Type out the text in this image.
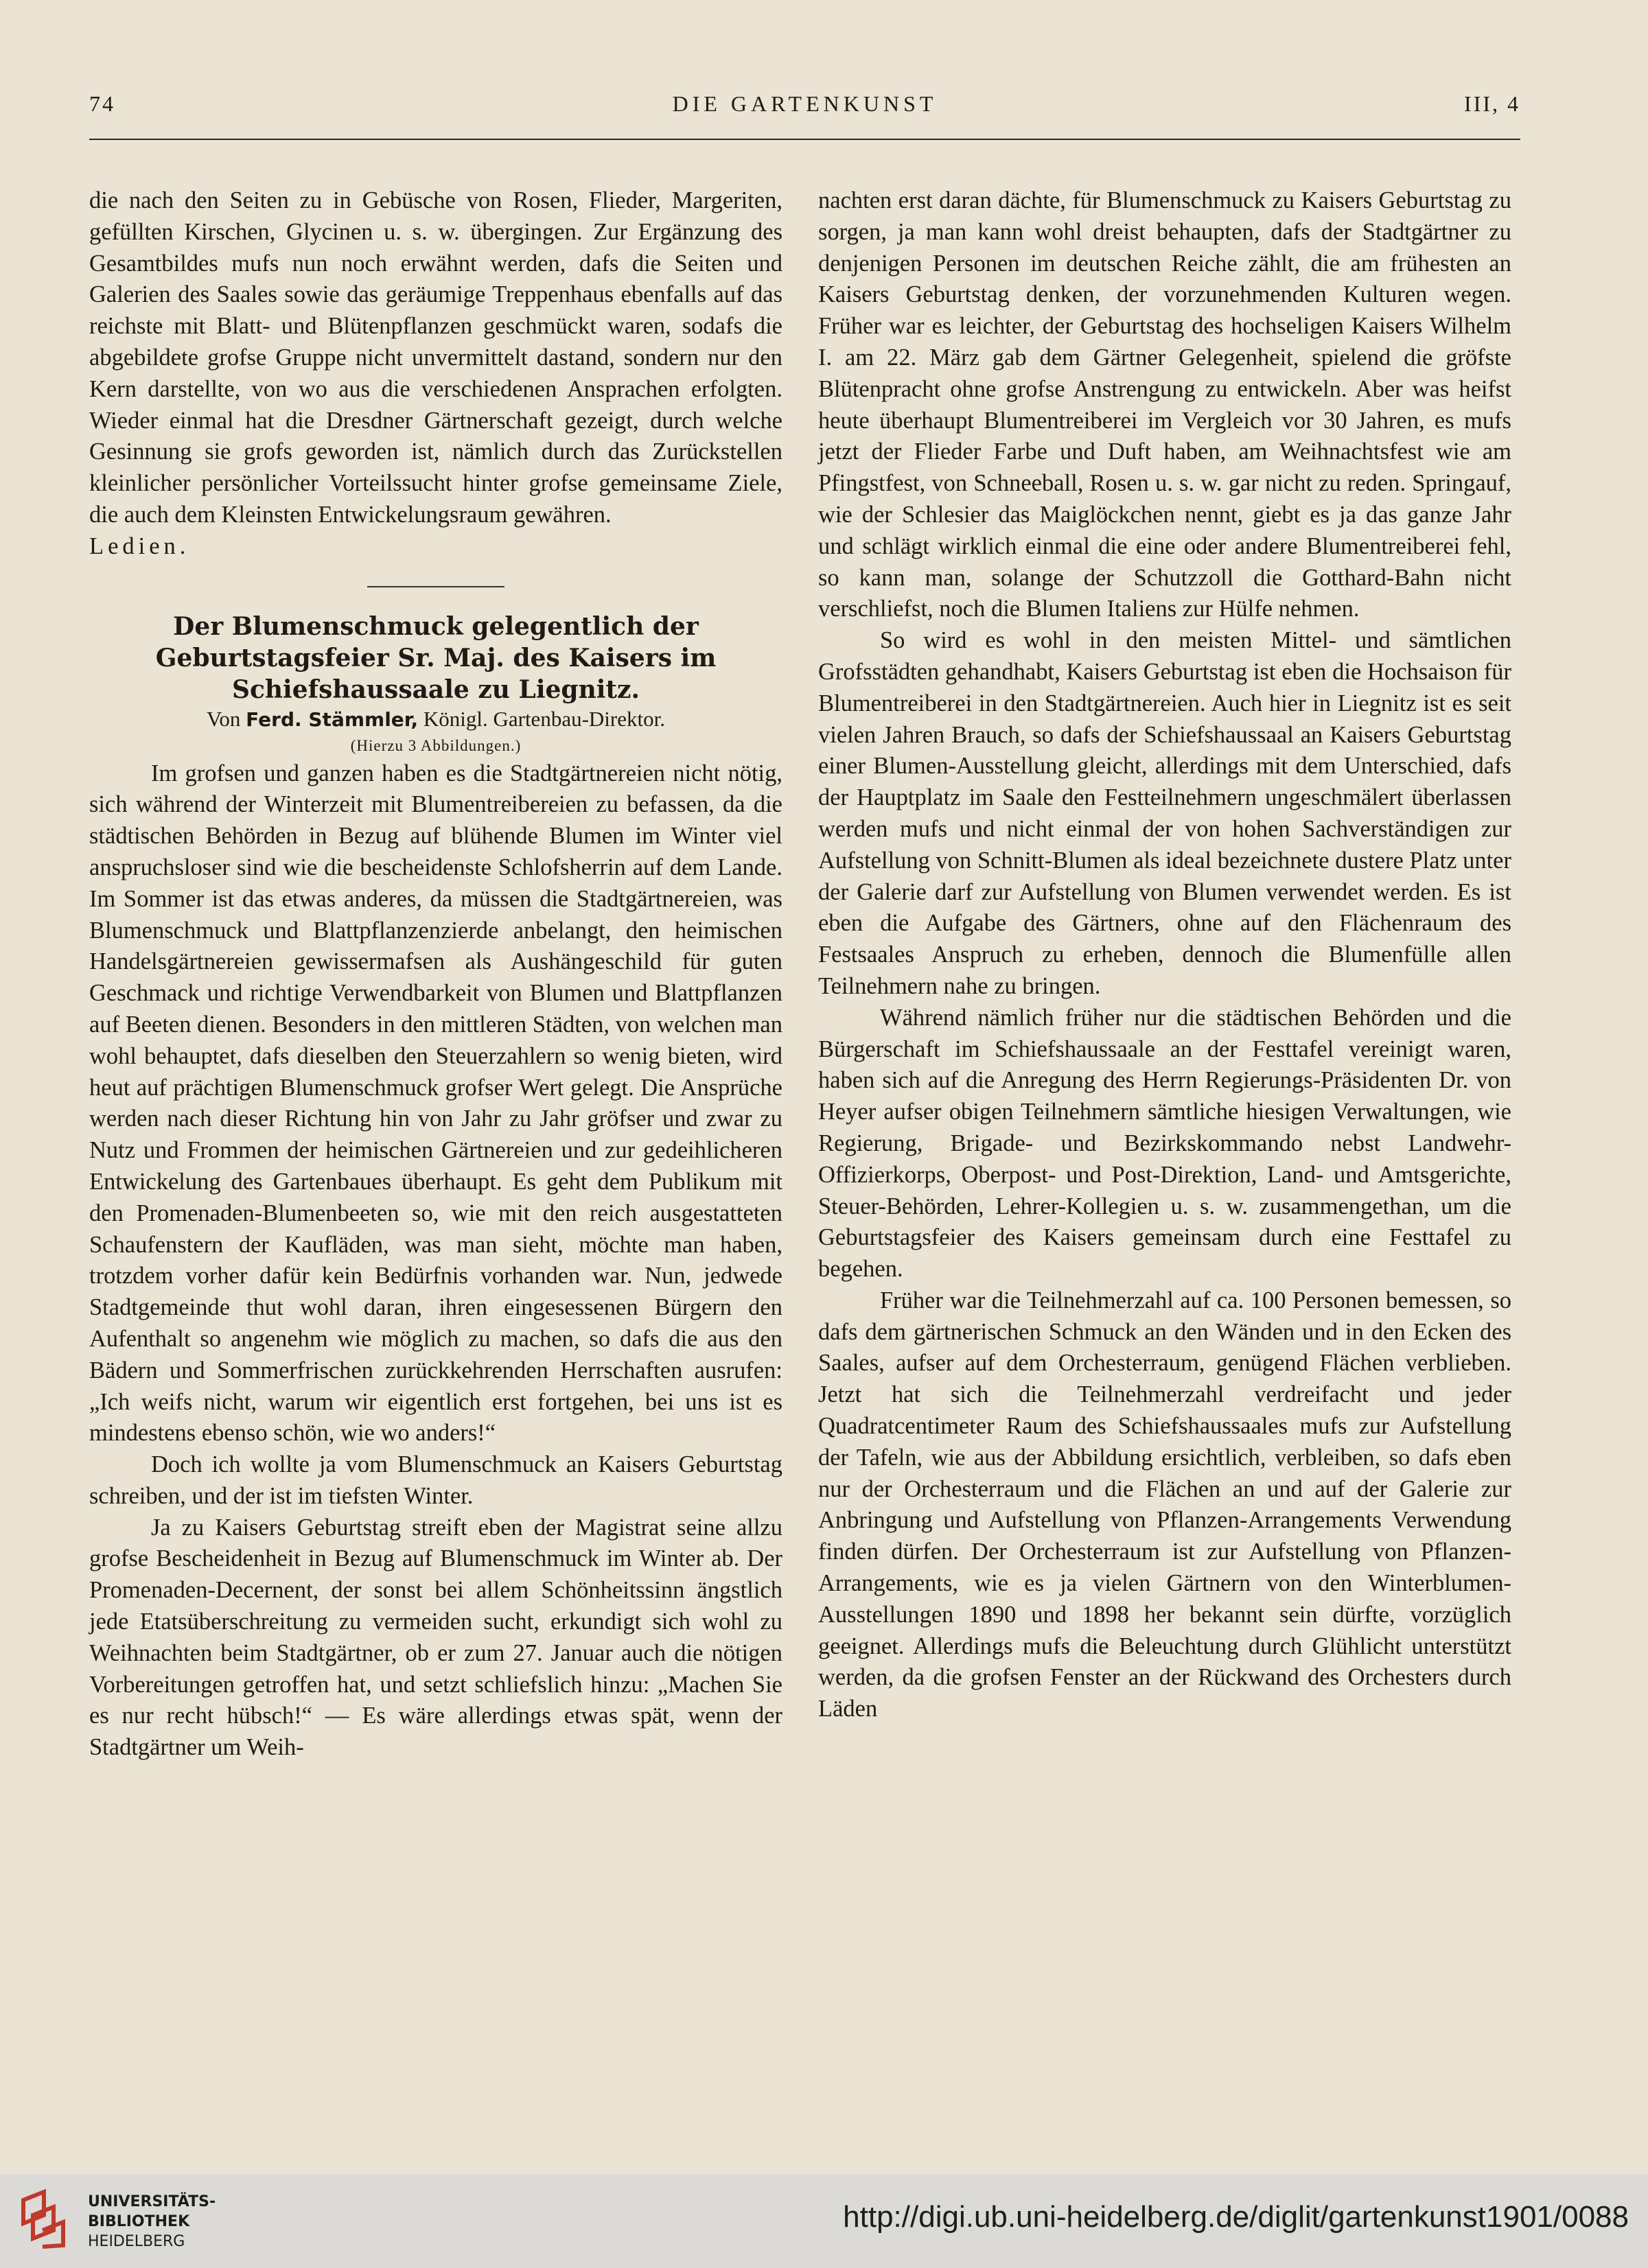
74	DIE GARTENKUNST	III, 4

die nach den Seiten zu in Gebüsche von Rosen, Flieder, Margeriten, gefüllten Kirschen, Glycinen u. s. w. übergingen. Zur Ergänzung des Gesamtbildes mufs nun noch erwähnt werden, dafs die Seiten und Galerien des Saales sowie das geräumige Treppenhaus ebenfalls auf das reichste mit Blatt- und Blütenpflanzen geschmückt waren, sodafs die abgebildete grofse Gruppe nicht unvermittelt dastand, sondern nur den Kern darstellte, von wo aus die verschiedenen Ansprachen erfolgten. Wieder einmal hat die Dresdner Gärtnerschaft gezeigt, durch welche Gesinnung sie grofs geworden ist, nämlich durch das Zurückstellen kleinlicher persönlicher Vorteilssucht hinter grofse gemeinsame Ziele, die auch dem Kleinsten Entwickelungsraum gewähren.

Ledien.

Der Blumenschmuck gelegentlich der Geburtstagsfeier Sr. Maj. des Kaisers im Schiefshaussaale zu Liegnitz.

Von Ferd. Stämmler, Königl. Gartenbau-Direktor.

(Hierzu 3 Abbildungen.)

Im grofsen und ganzen haben es die Stadtgärtnereien nicht nötig, sich während der Winterzeit mit Blumentreibereien zu befassen, da die städtischen Behörden in Bezug auf blühende Blumen im Winter viel anspruchsloser sind wie die bescheidenste Schlofsherrin auf dem Lande. Im Sommer ist das etwas anderes, da müssen die Stadtgärtnereien, was Blumenschmuck und Blattpflanzenzierde anbelangt, den heimischen Handelsgärtnereien gewissermafsen als Aushängeschild für guten Geschmack und richtige Verwendbarkeit von Blumen und Blattpflanzen auf Beeten dienen. Besonders in den mittleren Städten, von welchen man wohl behauptet, dafs dieselben den Steuerzahlern so wenig bieten, wird heut auf prächtigen Blumenschmuck grofser Wert gelegt. Die Ansprüche werden nach dieser Richtung hin von Jahr zu Jahr gröfser und zwar zu Nutz und Frommen der heimischen Gärtnereien und zur gedeihlicheren Entwickelung des Gartenbaues überhaupt. Es geht dem Publikum mit den Promenaden-Blumenbeeten so, wie mit den reich ausgestatteten Schaufenstern der Kaufläden, was man sieht, möchte man haben, trotzdem vorher dafür kein Bedürfnis vorhanden war. Nun, jedwede Stadtgemeinde thut wohl daran, ihren eingesessenen Bürgern den Aufenthalt so angenehm wie möglich zu machen, so dafs die aus den Bädern und Sommerfrischen zurückkehrenden Herrschaften ausrufen: „Ich weifs nicht, warum wir eigentlich erst fortgehen, bei uns ist es mindestens ebenso schön, wie wo anders!“

Doch ich wollte ja vom Blumenschmuck an Kaisers Geburtstag schreiben, und der ist im tiefsten Winter.

Ja zu Kaisers Geburtstag streift eben der Magistrat seine allzu grofse Bescheidenheit in Bezug auf Blumenschmuck im Winter ab. Der Promenaden-Decernent, der sonst bei allem Schönheitssinn ängstlich jede Etatsüberschreitung zu vermeiden sucht, erkundigt sich wohl zu Weihnachten beim Stadtgärtner, ob er zum 27. Januar auch die nötigen Vorbereitungen getroffen hat, und setzt schliefslich hinzu: „Machen Sie es nur recht hübsch!“ — Es wäre allerdings etwas spät, wenn der Stadtgärtner um Weih-

nachten erst daran dächte, für Blumenschmuck zu Kaisers Geburtstag zu sorgen, ja man kann wohl dreist behaupten, dafs der Stadtgärtner zu denjenigen Personen im deutschen Reiche zählt, die am frühesten an Kaisers Geburtstag denken, der vorzunehmenden Kulturen wegen. Früher war es leichter, der Geburtstag des hochseligen Kaisers Wilhelm I. am 22. März gab dem Gärtner Gelegenheit, spielend die gröfste Blütenpracht ohne grofse Anstrengung zu entwickeln. Aber was heifst heute überhaupt Blumentreiberei im Vergleich vor 30 Jahren, es mufs jetzt der Flieder Farbe und Duft haben, am Weihnachtsfest wie am Pfingstfest, von Schneeball, Rosen u. s. w. gar nicht zu reden. Springauf, wie der Schlesier das Maiglöckchen nennt, giebt es ja das ganze Jahr und schlägt wirklich einmal die eine oder andere Blumentreiberei fehl, so kann man, solange der Schutzzoll die Gotthard-Bahn nicht verschliefst, noch die Blumen Italiens zur Hülfe nehmen.

So wird es wohl in den meisten Mittel- und sämtlichen Grofsstädten gehandhabt, Kaisers Geburtstag ist eben die Hochsaison für Blumentreiberei in den Stadtgärtnereien. Auch hier in Liegnitz ist es seit vielen Jahren Brauch, so dafs der Schiefshaussaal an Kaisers Geburtstag einer Blumen-Ausstellung gleicht, allerdings mit dem Unterschied, dafs der Hauptplatz im Saale den Festteilnehmern ungeschmälert überlassen werden mufs und nicht einmal der von hohen Sachverständigen zur Aufstellung von Schnitt-Blumen als ideal bezeichnete dustere Platz unter der Galerie darf zur Aufstellung von Blumen verwendet werden. Es ist eben die Aufgabe des Gärtners, ohne auf den Flächenraum des Festsaales Anspruch zu erheben, dennoch die Blumenfülle allen Teilnehmern nahe zu bringen.

Während nämlich früher nur die städtischen Behörden und die Bürgerschaft im Schiefshaussaale an der Festtafel vereinigt waren, haben sich auf die Anregung des Herrn Regierungs-Präsidenten Dr. von Heyer aufser obigen Teilnehmern sämtliche hiesigen Verwaltungen, wie Regierung, Brigade- und Bezirkskommando nebst Landwehr-Offizierkorps, Oberpost- und Post-Direktion, Land- und Amtsgerichte, Steuer-Behörden, Lehrer-Kollegien u. s. w. zusammengethan, um die Geburtstagsfeier des Kaisers gemeinsam durch eine Festtafel zu begehen.

Früher war die Teilnehmerzahl auf ca. 100 Personen bemessen, so dafs dem gärtnerischen Schmuck an den Wänden und in den Ecken des Saales, aufser auf dem Orchesterraum, genügend Flächen verblieben. Jetzt hat sich die Teilnehmerzahl verdreifacht und jeder Quadratcentimeter Raum des Schiefshaussaales mufs zur Aufstellung der Tafeln, wie aus der Abbildung ersichtlich, verbleiben, so dafs eben nur der Orchesterraum und die Flächen an und auf der Galerie zur Anbringung und Aufstellung von Pflanzen-Arrangements Verwendung finden dürfen. Der Orchesterraum ist zur Aufstellung von Pflanzen-Arrangements, wie es ja vielen Gärtnern von den Winterblumen-Ausstellungen 1890 und 1898 her bekannt sein dürfte, vorzüglich geeignet. Allerdings mufs die Beleuchtung durch Glühlicht unterstützt werden, da die grofsen Fenster an der Rückwand des Orchesters durch Läden

UNIVERSITÄTS-
BIBLIOTHEK
HEIDELBERG
http://digi.ub.uni-heidelberg.de/diglit/gartenkunst1901/0088
